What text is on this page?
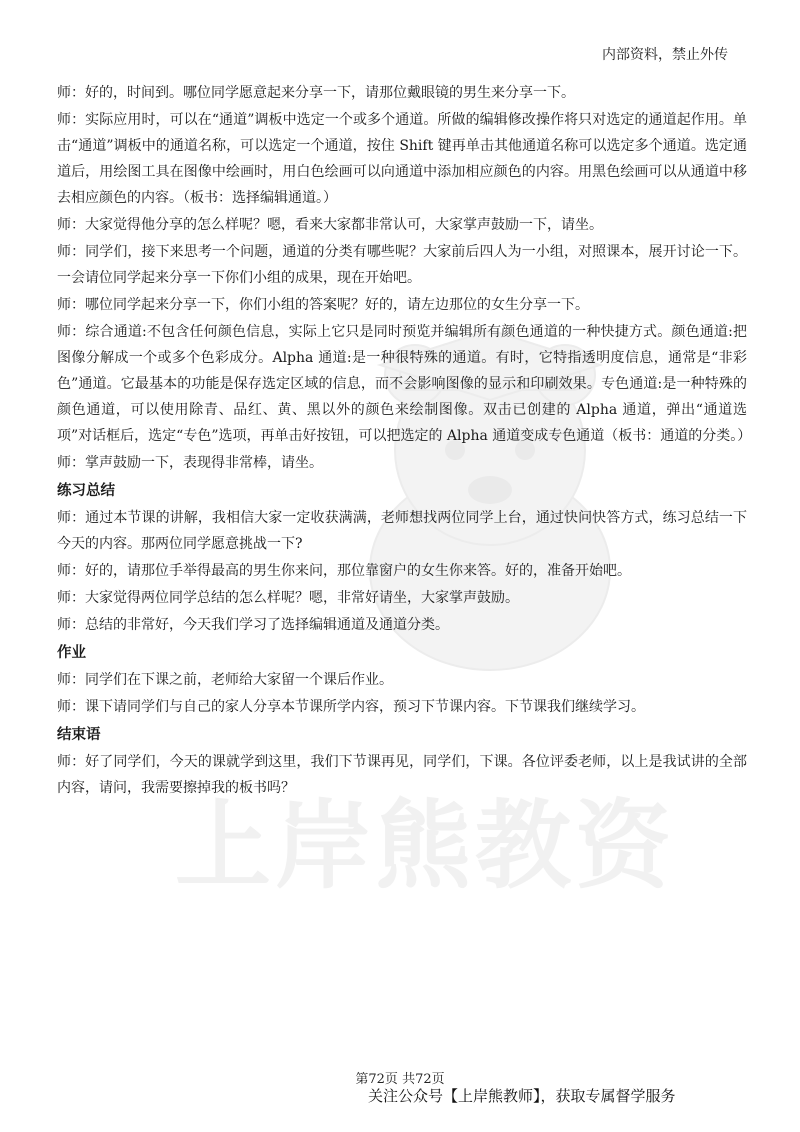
上岸熊教资
内部资料，禁止外传

师：好的，时间到。哪位同学愿意起来分享一下，请那位戴眼镜的男生来分享一下。

师：实际应用时，可以在“通道”调板中选定一个或多个通道。所做的编辑修改操作将只对选定的通道起作用。单击“通道”调板中的通道名称，可以选定一个通道，按住 Shift 键再单击其他通道名称可以选定多个通道。选定通道后，用绘图工具在图像中绘画时，用白色绘画可以向通道中添加相应颜色的内容。用黑色绘画可以从通道中移去相应颜色的内容。（板书：选择编辑通道。）

师：大家觉得他分享的怎么样呢？嗯，看来大家都非常认可，大家掌声鼓励一下，请坐。

师：同学们，接下来思考一个问题，通道的分类有哪些呢？大家前后四人为一小组，对照课本，展开讨论一下。一会请位同学起来分享一下你们小组的成果，现在开始吧。

师：哪位同学起来分享一下，你们小组的答案呢？好的，请左边那位的女生分享一下。

师：综合通道:不包含任何颜色信息，实际上它只是同时预览并编辑所有颜色通道的一种快捷方式。颜色通道:把图像分解成一个或多个色彩成分。Alpha 通道:是一种很特殊的通道。有时，它特指透明度信息，通常是“非彩色”通道。它最基本的功能是保存选定区域的信息，而不会影响图像的显示和印刷效果。专色通道:是一种特殊的颜色通道，可以使用除青、品红、黄、黑以外的颜色来绘制图像。双击已创建的 Alpha 通道，弹出“通道选项”对话框后，选定“专色”选项，再单击好按钮，可以把选定的 Alpha 通道变成专色通道（板书：通道的分类。）

师：掌声鼓励一下，表现得非常棒，请坐。

练习总结

师：通过本节课的讲解，我相信大家一定收获满满，老师想找两位同学上台，通过快问快答方式，练习总结一下今天的内容。那两位同学愿意挑战一下?

师：好的，请那位手举得最高的男生你来问，那位靠窗户的女生你来答。好的，准备开始吧。

师：大家觉得两位同学总结的怎么样呢？嗯，非常好请坐，大家掌声鼓励。

师：总结的非常好，今天我们学习了选择编辑通道及通道分类。

作业

师：同学们在下课之前，老师给大家留一个课后作业。

师：课下请同学们与自己的家人分享本节课所学内容，预习下节课内容。下节课我们继续学习。

结束语

师：好了同学们，今天的课就学到这里，我们下节课再见，同学们，下课。各位评委老师，以上是我试讲的全部内容，请问，我需要擦掉我的板书吗？

第72页 共72页
关注公众号【上岸熊教师】，获取专属督学服务
